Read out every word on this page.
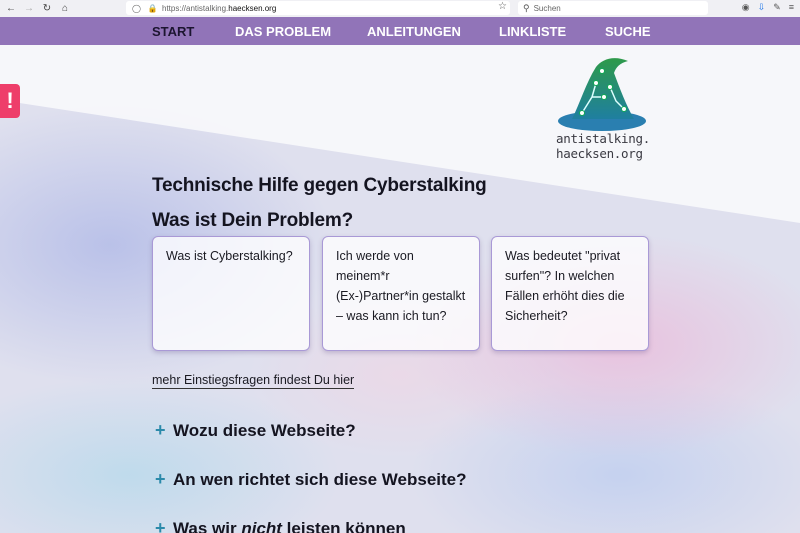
← → ↻	⌂	◯ 🔒 https://antistalking.haecksen.org	☆ ⚲ Suchen	◉ ⇩ ✎ ≡
START	DAS PROBLEM	ANLEITUNGEN	LINKLISTE	SUCHE
!
antistalking.
haecksen.org
Technische Hilfe gegen Cyberstalking
Was ist Dein Problem?
Was ist Cyberstalking?	Ich werde von meinem*r (Ex-)Partner*in gestalkt – was kann ich tun?
Was bedeutet "privat surfen"? In welchen Fällen erhöht dies die Sicherheit?
mehr Einstiegsfragen findest Du hier
+ Wozu diese Webseite?
+ An wen richtet sich diese Webseite?
+ Was wir nicht leisten können
